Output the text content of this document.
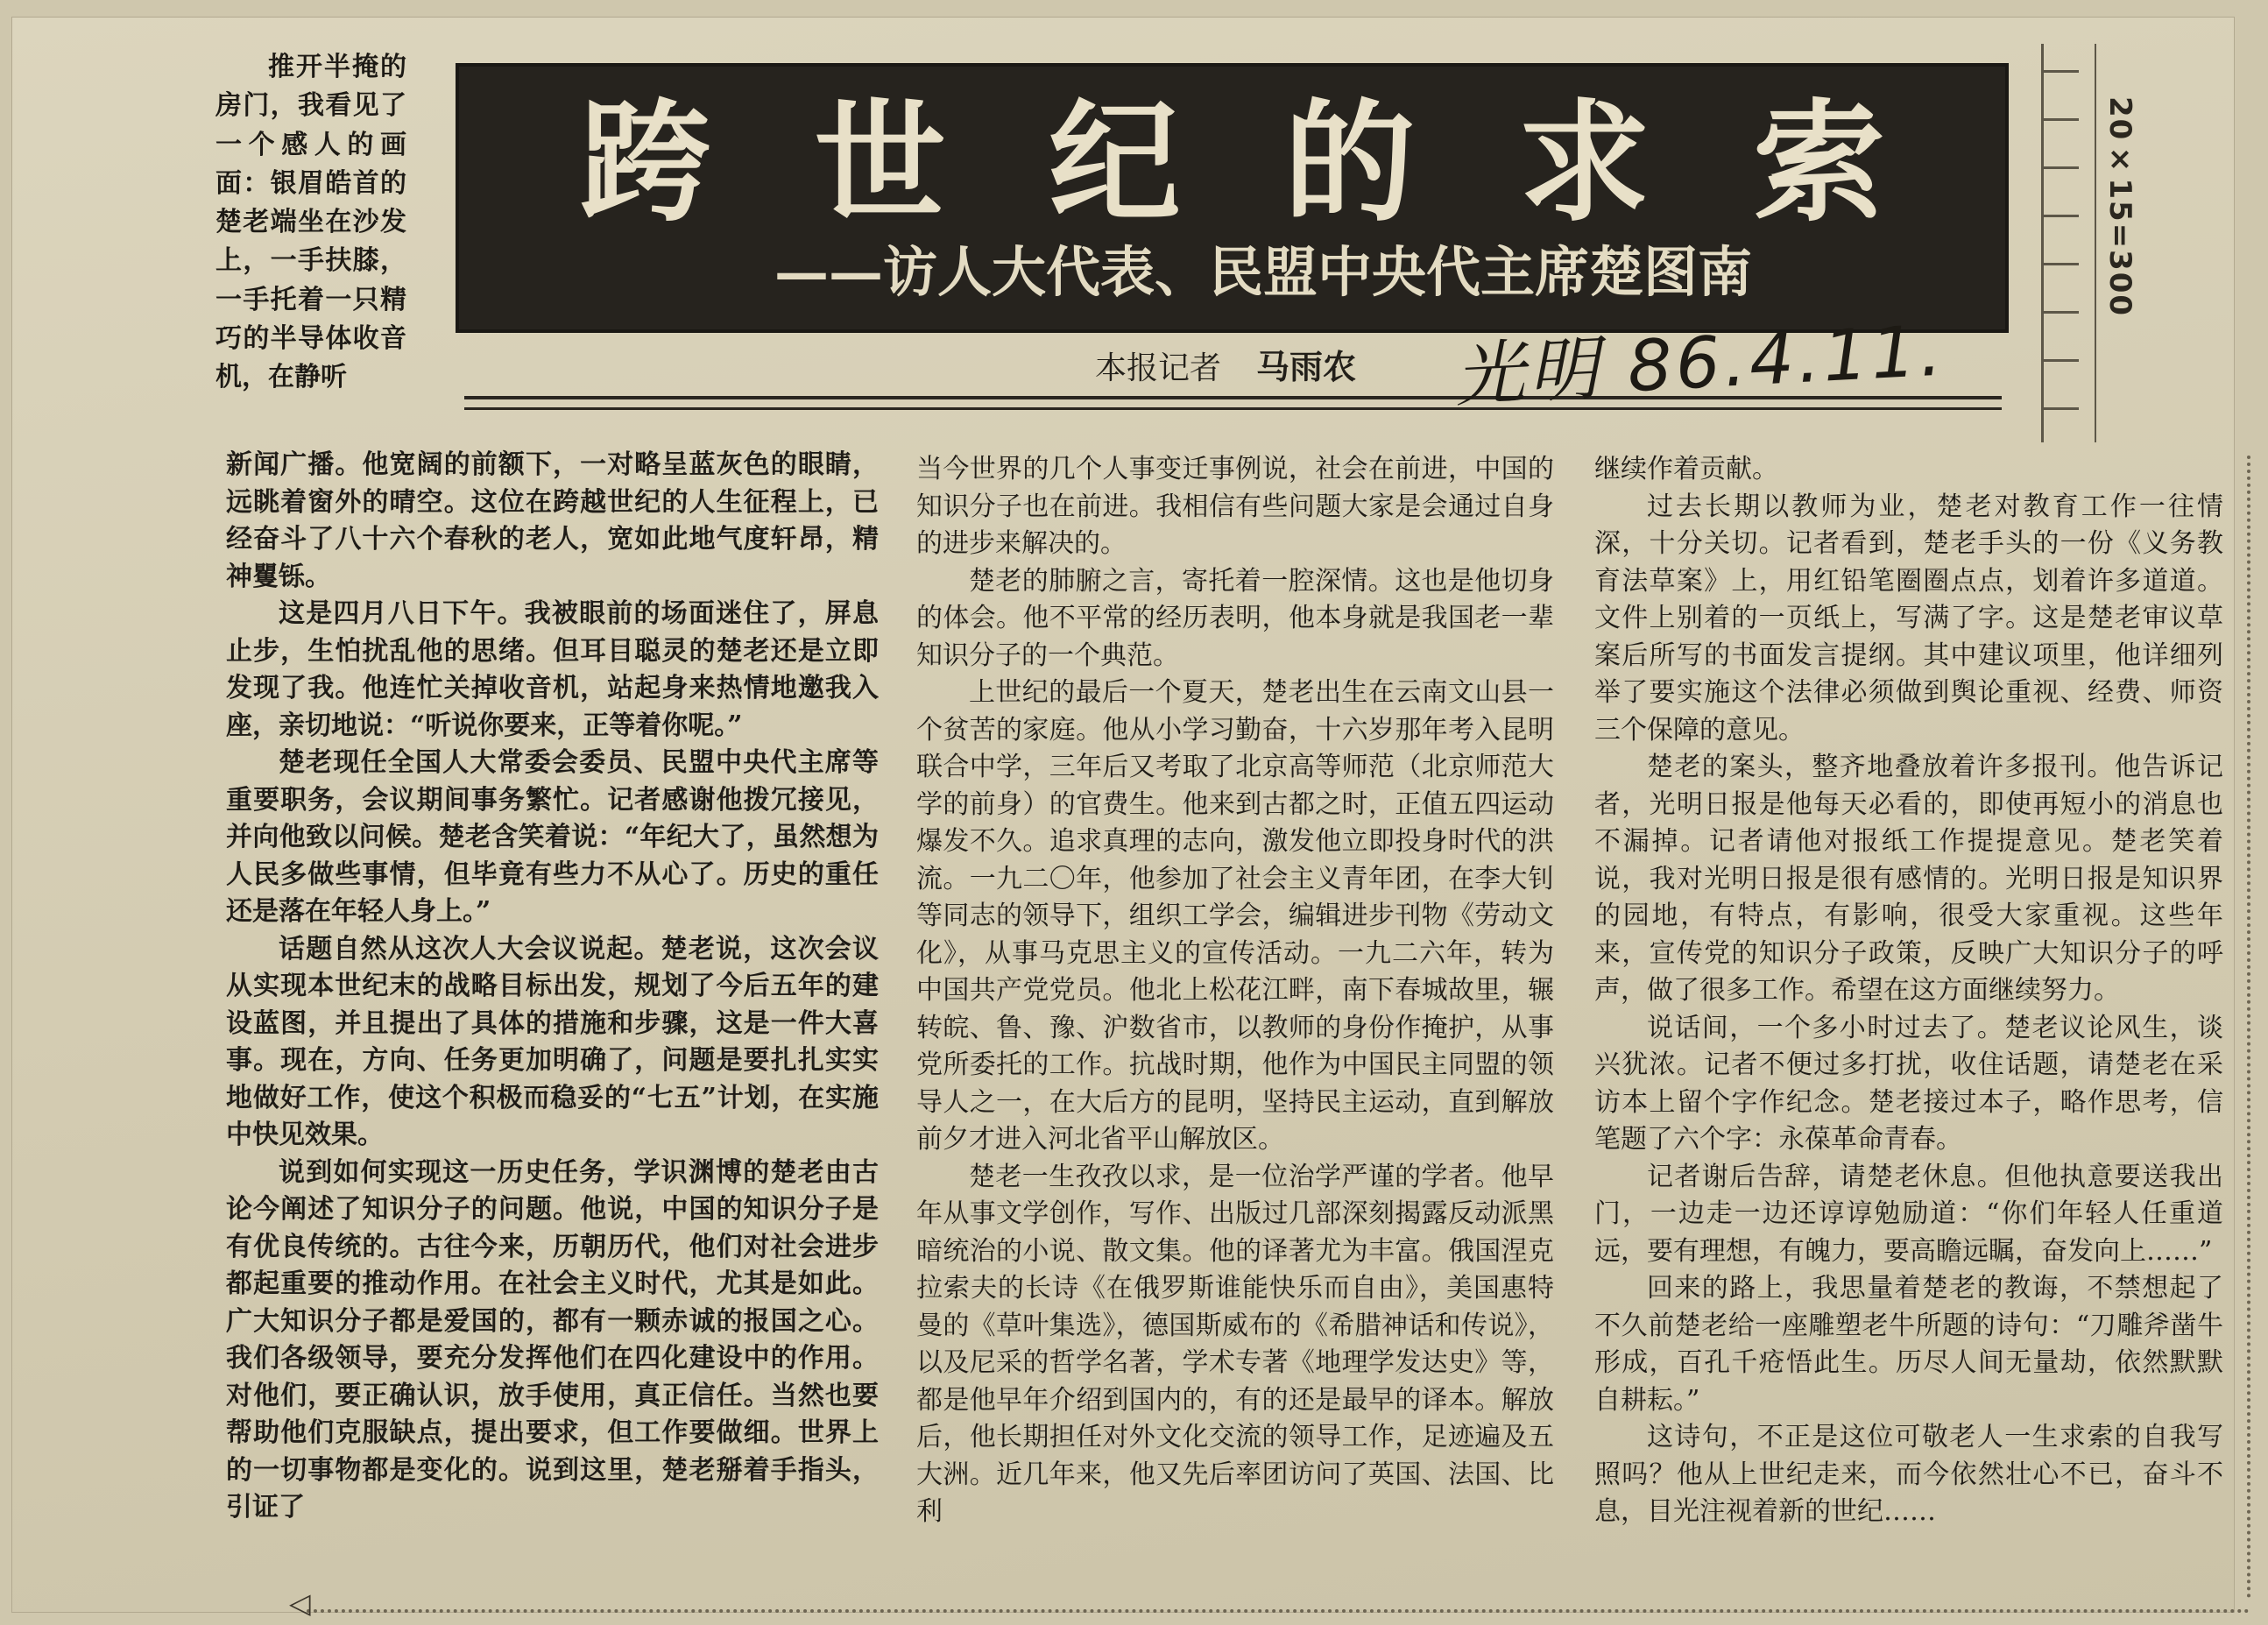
20×15=300
跨世纪的求索
——访人大代表、民盟中央代主席楚图南
本报记者 马雨农 光明 86.4.11.

推开半掩的房门，我看见了一个感人的画面：银眉皓首的楚老端坐在沙发上，一手扶膝，一手托着一只精巧的半导体收音机，在静听

新闻广播。他宽阔的前额下，一对略呈蓝灰色的眼睛，远眺着窗外的晴空。这位在跨越世纪的人生征程上，已经奋斗了八十六个春秋的老人，宽如此地气度轩昂，精神矍铄。

这是四月八日下午。我被眼前的场面迷住了，屏息止步，生怕扰乱他的思绪。但耳目聪灵的楚老还是立即发现了我。他连忙关掉收音机，站起身来热情地邀我入座，亲切地说：“听说你要来，正等着你呢。”

楚老现任全国人大常委会委员、民盟中央代主席等重要职务，会议期间事务繁忙。记者感谢他拨冗接见，并向他致以问候。楚老含笑着说：“年纪大了，虽然想为人民多做些事情，但毕竟有些力不从心了。历史的重任还是落在年轻人身上。”

话题自然从这次人大会议说起。楚老说，这次会议从实现本世纪末的战略目标出发，规划了今后五年的建设蓝图，并且提出了具体的措施和步骤，这是一件大喜事。现在，方向、任务更加明确了，问题是要扎扎实实地做好工作，使这个积极而稳妥的“七五”计划，在实施中快见效果。

说到如何实现这一历史任务，学识渊博的楚老由古论今阐述了知识分子的问题。他说，中国的知识分子是有优良传统的。古往今来，历朝历代，他们对社会进步都起重要的推动作用。在社会主义时代，尤其是如此。广大知识分子都是爱国的，都有一颗赤诚的报国之心。我们各级领导，要充分发挥他们在四化建设中的作用。对他们，要正确认识，放手使用，真正信任。当然也要帮助他们克服缺点，提出要求，但工作要做细。世界上的一切事物都是变化的。说到这里，楚老掰着手指头，引证了

当今世界的几个人事变迁事例说，社会在前进，中国的知识分子也在前进。我相信有些问题大家是会通过自身的进步来解决的。

楚老的肺腑之言，寄托着一腔深情。这也是他切身的体会。他不平常的经历表明，他本身就是我国老一辈知识分子的一个典范。

上世纪的最后一个夏天，楚老出生在云南文山县一个贫苦的家庭。他从小学习勤奋，十六岁那年考入昆明联合中学，三年后又考取了北京高等师范（北京师范大学的前身）的官费生。他来到古都之时，正值五四运动爆发不久。追求真理的志向，激发他立即投身时代的洪流。一九二〇年，他参加了社会主义青年团，在李大钊等同志的领导下，组织工学会，编辑进步刊物《劳动文化》，从事马克思主义的宣传活动。一九二六年，转为中国共产党党员。他北上松花江畔，南下春城故里，辗转皖、鲁、豫、沪数省市，以教师的身份作掩护，从事党所委托的工作。抗战时期，他作为中国民主同盟的领导人之一，在大后方的昆明，坚持民主运动，直到解放前夕才进入河北省平山解放区。

楚老一生孜孜以求，是一位治学严谨的学者。他早年从事文学创作，写作、出版过几部深刻揭露反动派黑暗统治的小说、散文集。他的译著尤为丰富。俄国涅克拉索夫的长诗《在俄罗斯谁能快乐而自由》，美国惠特曼的《草叶集选》，德国斯威布的《希腊神话和传说》，以及尼采的哲学名著，学术专著《地理学发达史》等，都是他早年介绍到国内的，有的还是最早的译本。解放后，他长期担任对外文化交流的领导工作，足迹遍及五大洲。近几年来，他又先后率团访问了英国、法国、比利

继续作着贡献。

过去长期以教师为业，楚老对教育工作一往情深，十分关切。记者看到，楚老手头的一份《义务教育法草案》上，用红铅笔圈圈点点，划着许多道道。文件上别着的一页纸上，写满了字。这是楚老审议草案后所写的书面发言提纲。其中建议项里，他详细列举了要实施这个法律必须做到舆论重视、经费、师资三个保障的意见。

楚老的案头，整齐地叠放着许多报刊。他告诉记者，光明日报是他每天必看的，即使再短小的消息也不漏掉。记者请他对报纸工作提提意见。楚老笑着说，我对光明日报是很有感情的。光明日报是知识界的园地，有特点，有影响，很受大家重视。这些年来，宣传党的知识分子政策，反映广大知识分子的呼声，做了很多工作。希望在这方面继续努力。

说话间，一个多小时过去了。楚老议论风生，谈兴犹浓。记者不便过多打扰，收住话题，请楚老在采访本上留个字作纪念。楚老接过本子，略作思考，信笔题了六个字：永葆革命青春。

记者谢后告辞，请楚老休息。但他执意要送我出门，一边走一边还谆谆勉励道：“你们年轻人任重道远，要有理想，有魄力，要高瞻远瞩，奋发向上……”

回来的路上，我思量着楚老的教诲，不禁想起了不久前楚老给一座雕塑老牛所题的诗句：“刀雕斧凿牛形成，百孔千疮悟此生。历尽人间无量劫，依然默默自耕耘。”

这诗句，不正是这位可敬老人一生求索的自我写照吗？他从上世纪走来，而今依然壮心不已，奋斗不息，目光注视着新的世纪……

◁
